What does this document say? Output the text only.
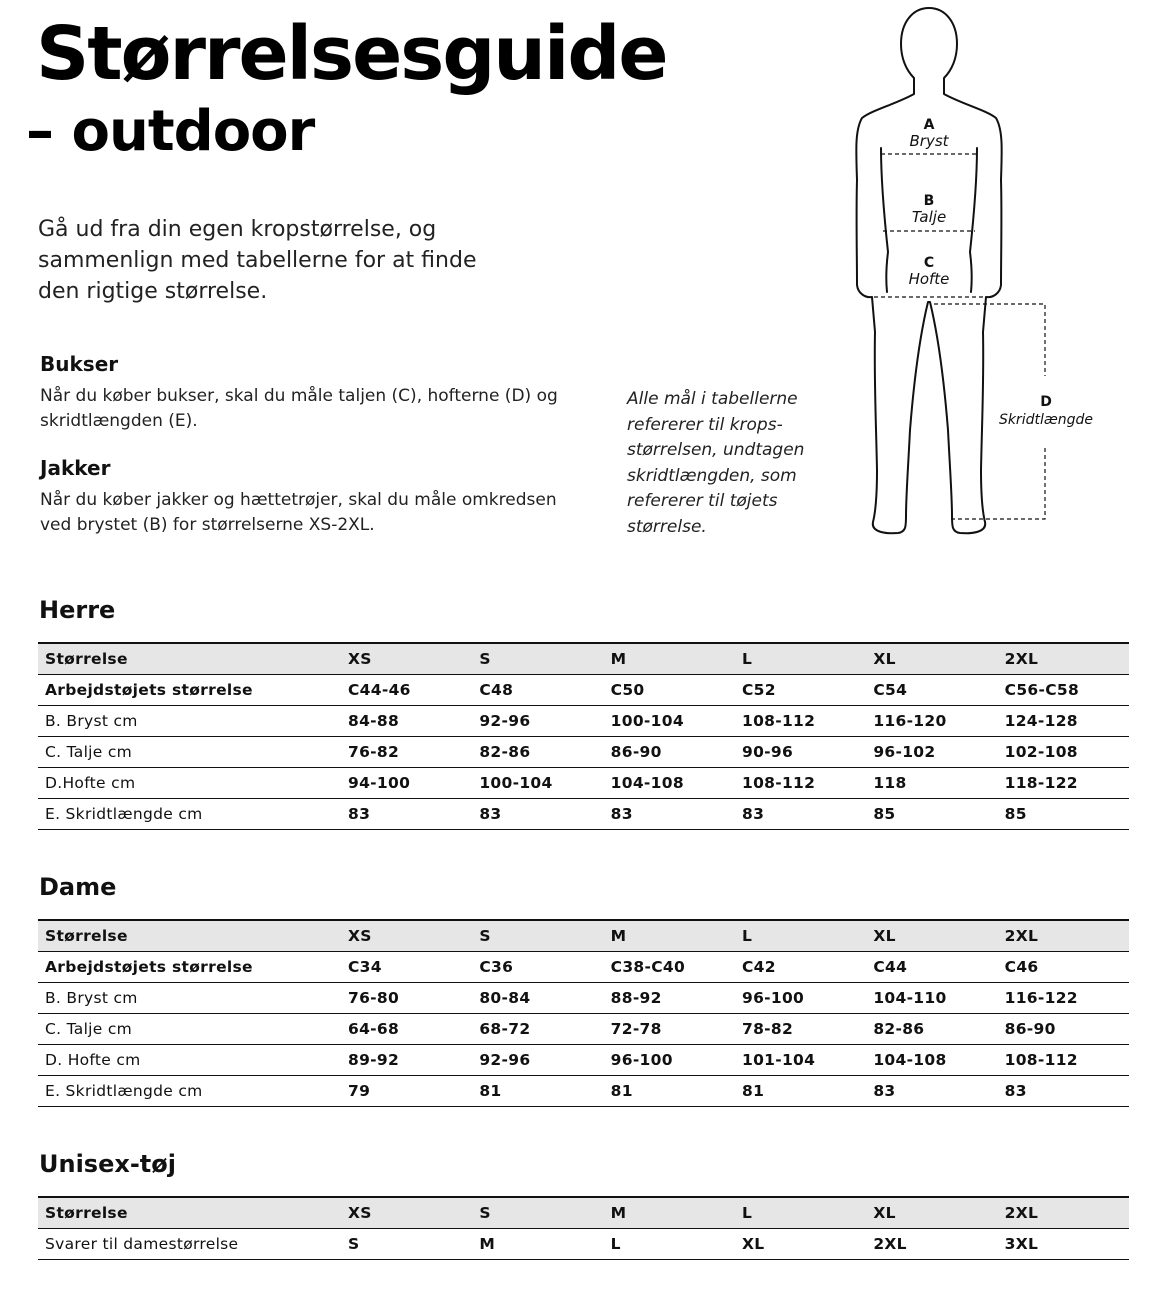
Størrelsesguide
– outdoor

Gå ud fra din egen kropstørrelse, og sammenlign med tabellerne for at finde den rigtige størrelse.

Bukser

Når du køber bukser, skal du måle taljen (C), hofterne (D) og skridtlængden (E).

Jakker

Når du køber jakker og hættetrøjer, skal du måle omkredsen ved brystet (B) for størrelserne XS-2XL.

Alle mål i tabellerne refererer til krops-størrelsen, undtagen skridtlængden, som refererer til tøjets størrelse.

A
Bryst
B
Talje
C
Hofte
D
Skridtlængde
Herre
Størrelse	XS	S	M	L	XL	2XL
Arbejdstøjets størrelse	C44-46	C48	C50	C52	C54	C56-C58
B. Bryst cm	84-88	92-96	100-104	108-112	116-120	124-128
C. Talje cm	76-82	82-86	86-90	90-96	96-102	102-108
D.Hofte cm	94-100	100-104	104-108	108-112	118	118-122
E. Skridtlængde cm	83	83	83	83	85	85
Dame
Størrelse	XS	S	M	L	XL	2XL
Arbejdstøjets størrelse	C34	C36	C38-C40	C42	C44	C46
B. Bryst cm	76-80	80-84	88-92	96-100	104-110	116-122
C. Talje cm	64-68	68-72	72-78	78-82	82-86	86-90
D. Hofte cm	89-92	92-96	96-100	101-104	104-108	108-112
E. Skridtlængde cm	79	81	81	81	83	83
Unisex-tøj
Størrelse	XS	S	M	L	XL	2XL
Svarer til damestørrelse	S	M	L	XL	2XL	3XL
